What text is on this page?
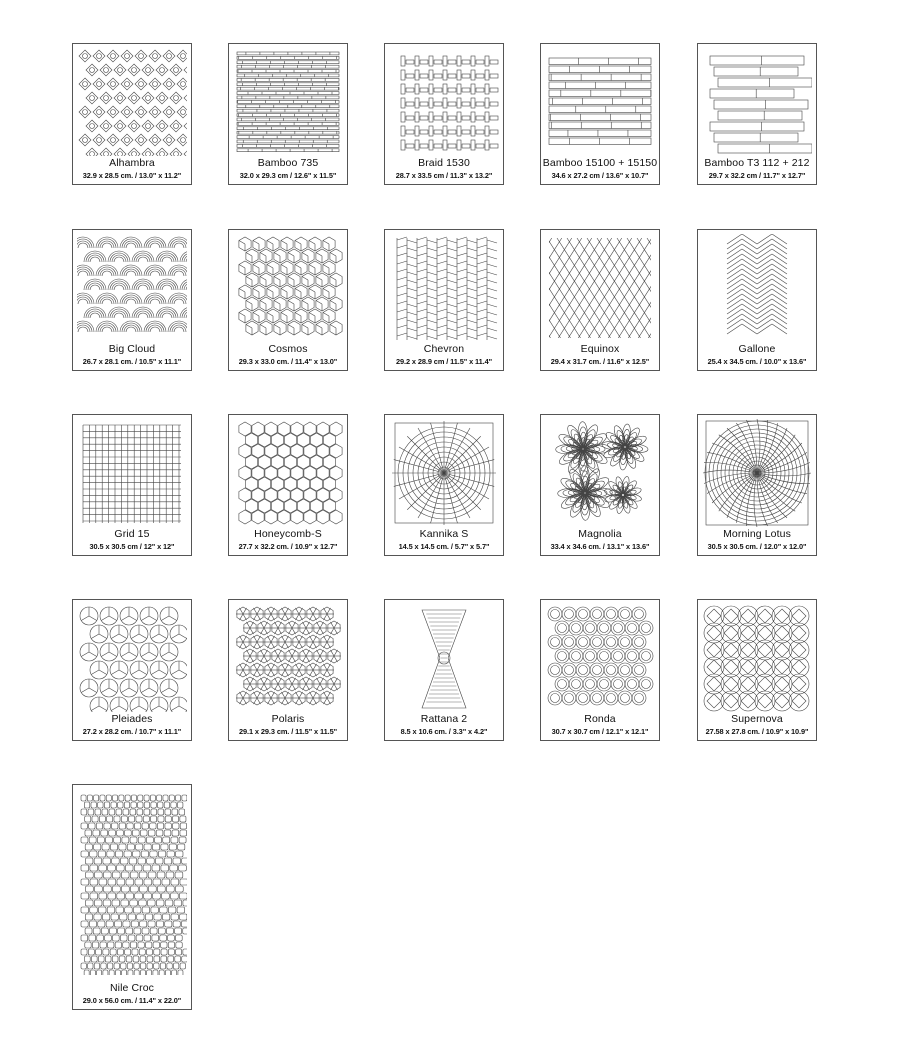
Alhambra
32.9 x 28.5 cm. / 13.0" x 11.2"
Bamboo 735
32.0 x 29.3 cm / 12.6" x 11.5"
Braid 1530
28.7 x 33.5 cm / 11.3" x 13.2"
Bamboo 15100 + 15150
34.6 x 27.2 cm / 13.6" x 10.7"
Bamboo T3 112 + 212
29.7 x 32.2 cm / 11.7" x 12.7"
Big Cloud
26.7 x 28.1 cm. / 10.5" x 11.1"
Cosmos
29.3 x 33.0 cm. / 11.4" x 13.0"
Chevron
29.2 x 28.9 cm / 11.5" x 11.4"
Equinox
29.4 x 31.7 cm. / 11.6" x 12.5"
Gallone
25.4 x 34.5 cm. / 10.0" x 13.6"
Grid 15
30.5 x 30.5 cm / 12" x 12"
Honeycomb-S
27.7 x 32.2 cm. / 10.9" x 12.7"
Kannika S
14.5 x 14.5 cm. / 5.7" x 5.7"
Magnolia
33.4 x 34.6 cm. / 13.1" x 13.6"
Morning Lotus
30.5 x 30.5 cm. / 12.0" x 12.0"
Pleiades
27.2 x 28.2 cm. / 10.7" x 11.1"
Polaris
29.1 x 29.3 cm. / 11.5" x 11.5"
Rattana 2
8.5 x 10.6 cm. / 3.3" x 4.2"
Ronda
30.7 x 30.7 cm / 12.1" x 12.1"
Supernova
27.58 x 27.8 cm. / 10.9" x 10.9"
Nile Croc
29.0 x 56.0 cm. / 11.4" x 22.0"
